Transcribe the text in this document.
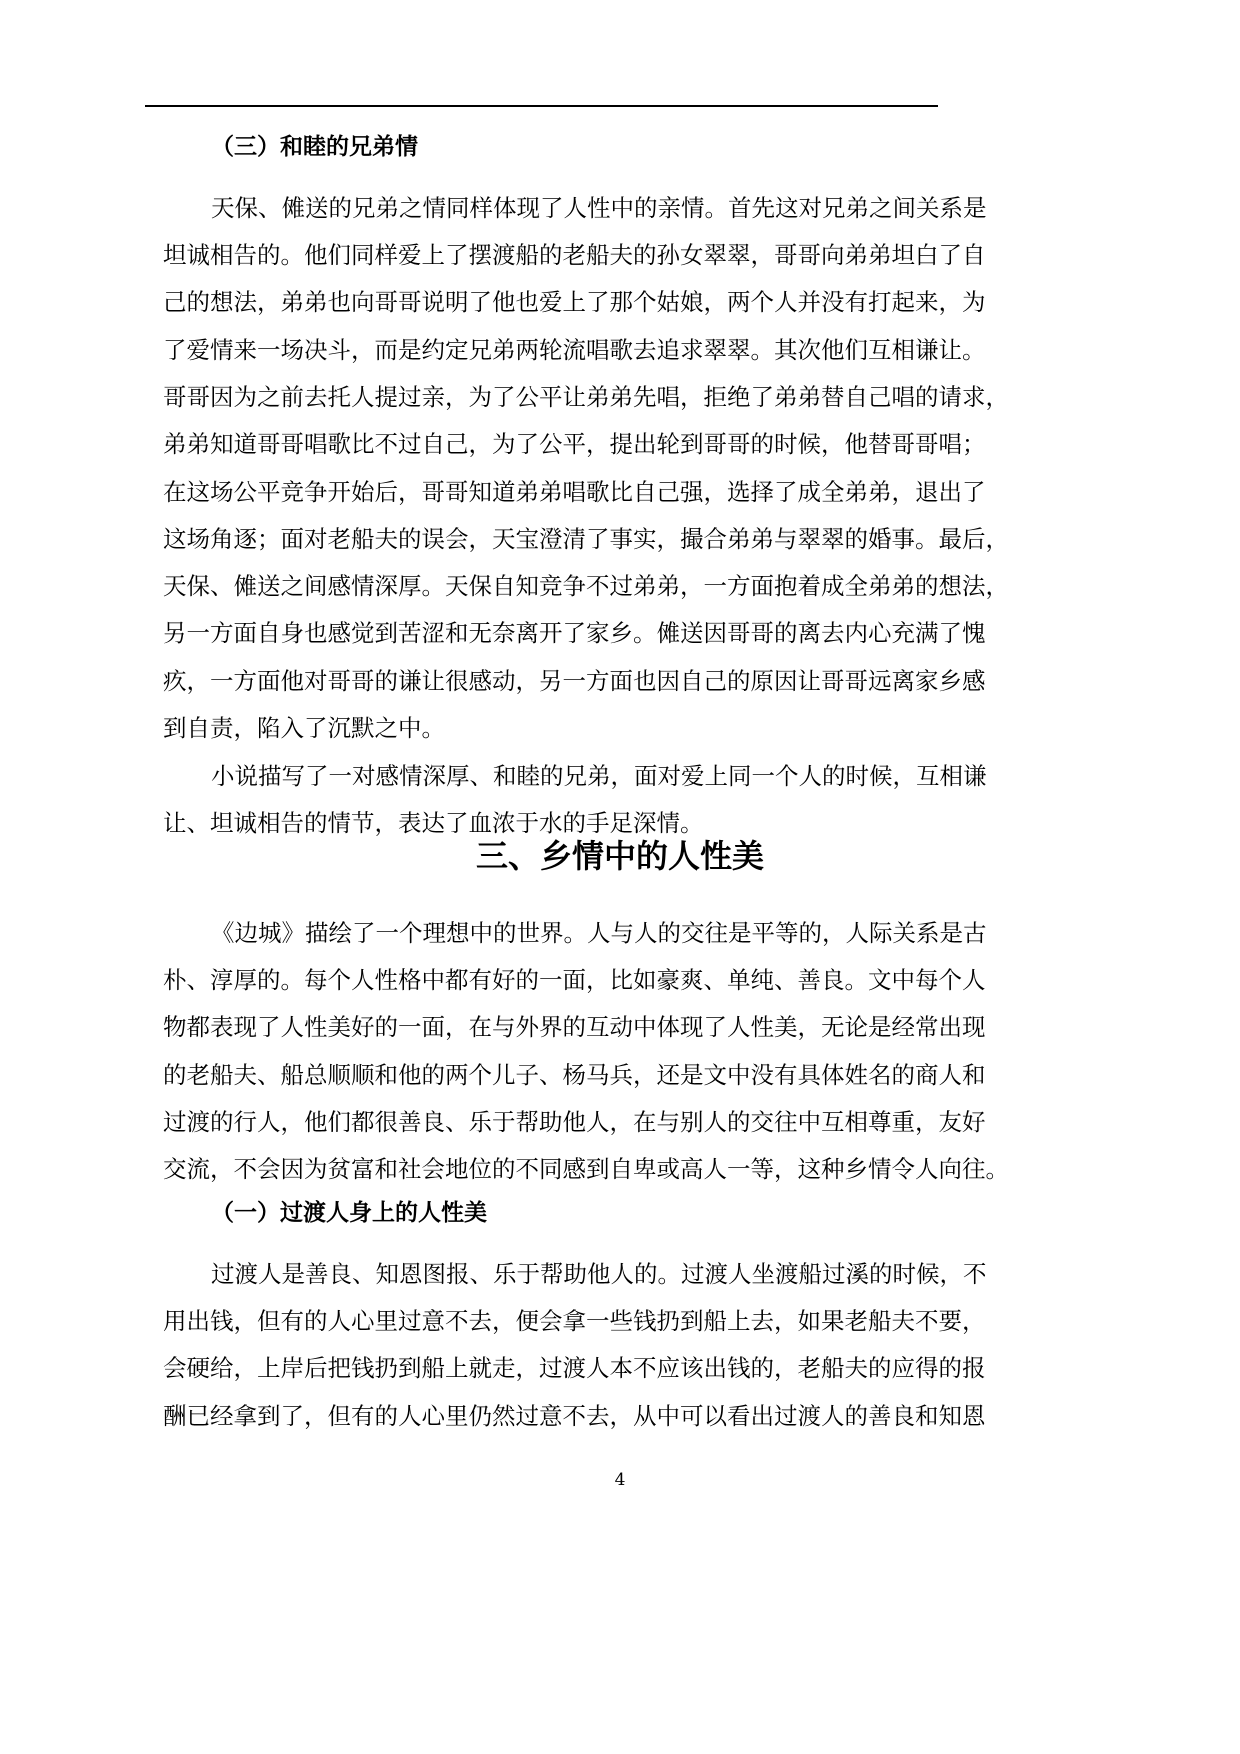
（三）和睦的兄弟情
天保、傩送的兄弟之情同样体现了人性中的亲情。首先这对兄弟之间关系是
坦诚相告的。他们同样爱上了摆渡船的老船夫的孙女翠翠，哥哥向弟弟坦白了自
己的想法，弟弟也向哥哥说明了他也爱上了那个姑娘，两个人并没有打起来，为
了爱情来一场决斗，而是约定兄弟两轮流唱歌去追求翠翠。其次他们互相谦让。
哥哥因为之前去托人提过亲，为了公平让弟弟先唱，拒绝了弟弟替自己唱的请求，
弟弟知道哥哥唱歌比不过自己，为了公平，提出轮到哥哥的时候，他替哥哥唱；
在这场公平竞争开始后，哥哥知道弟弟唱歌比自己强，选择了成全弟弟，退出了
这场角逐；面对老船夫的误会，天宝澄清了事实，撮合弟弟与翠翠的婚事。最后，
天保、傩送之间感情深厚。天保自知竞争不过弟弟，一方面抱着成全弟弟的想法，
另一方面自身也感觉到苦涩和无奈离开了家乡。傩送因哥哥的离去内心充满了愧
疚，一方面他对哥哥的谦让很感动，另一方面也因自己的原因让哥哥远离家乡感
到自责，陷入了沉默之中。
小说描写了一对感情深厚、和睦的兄弟，面对爱上同一个人的时候，互相谦
让、坦诚相告的情节，表达了血浓于水的手足深情。
三、乡情中的人性美
《边城》描绘了一个理想中的世界。人与人的交往是平等的，人际关系是古
朴、淳厚的。每个人性格中都有好的一面，比如豪爽、单纯、善良。文中每个人
物都表现了人性美好的一面，在与外界的互动中体现了人性美，无论是经常出现
的老船夫、船总顺顺和他的两个儿子、杨马兵，还是文中没有具体姓名的商人和
过渡的行人，他们都很善良、乐于帮助他人，在与别人的交往中互相尊重，友好
交流，不会因为贫富和社会地位的不同感到自卑或高人一等，这种乡情令人向往。
（一）过渡人身上的人性美
过渡人是善良、知恩图报、乐于帮助他人的。过渡人坐渡船过溪的时候，不
用出钱，但有的人心里过意不去，便会拿一些钱扔到船上去，如果老船夫不要，
会硬给，上岸后把钱扔到船上就走，过渡人本不应该出钱的，老船夫的应得的报
酬已经拿到了，但有的人心里仍然过意不去，从中可以看出过渡人的善良和知恩
4
